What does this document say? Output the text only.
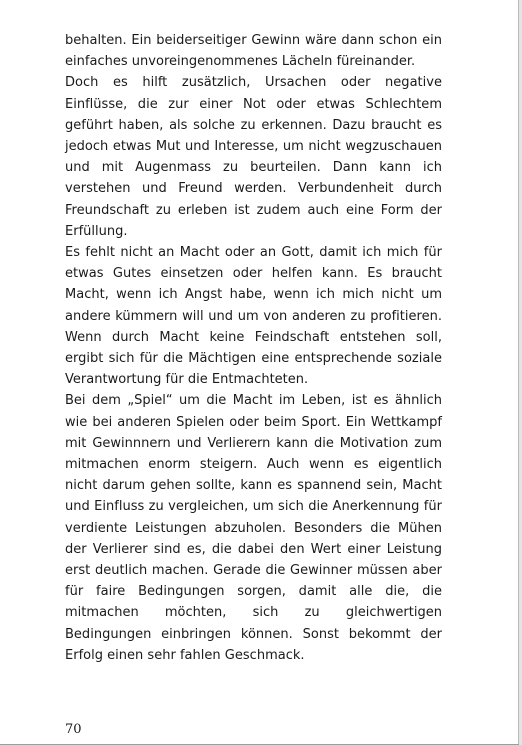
behalten. Ein beiderseitiger Gewinn wäre dann schon ein einfaches unvoreingenommenes Lächeln füreinander.

Doch es hilft zusätzlich, Ursachen oder negative Einflüsse, die zur einer Not oder etwas Schlechtem geführt haben, als solche zu erkennen. Dazu braucht es jedoch etwas Mut und Interesse, um nicht wegzuschauen und mit Augenmass zu beurteilen. Dann kann ich verstehen und Freund werden. Verbundenheit durch Freundschaft zu erleben ist zudem auch eine Form der Erfüllung.

Es fehlt nicht an Macht oder an Gott, damit ich mich für etwas Gutes einsetzen oder helfen kann. Es braucht Macht, wenn ich Angst habe, wenn ich mich nicht um andere kümmern will und um von anderen zu profitieren. Wenn durch Macht keine Feindschaft entstehen soll, ergibt sich für die Mächtigen eine entsprechende soziale Verantwortung für die Entmachteten.

Bei dem „Spiel“ um die Macht im Leben, ist es ähnlich wie bei anderen Spielen oder beim Sport. Ein Wettkampf mit Gewinnnern und Verlierern kann die Motivation zum mitmachen enorm steigern. Auch wenn es eigentlich nicht darum gehen sollte, kann es spannend sein, Macht und Einfluss zu vergleichen, um sich die Anerkennung für verdiente Leistungen abzuholen. Besonders die Mühen der Verlierer sind es, die dabei den Wert einer Leistung erst deutlich machen. Gerade die Gewinner müssen aber für faire Bedingungen sorgen, damit alle die, die mitmachen möchten, sich zu gleichwertigen Bedingungen einbringen können. Sonst bekommt der Erfolg einen sehr fahlen Geschmack.

70
